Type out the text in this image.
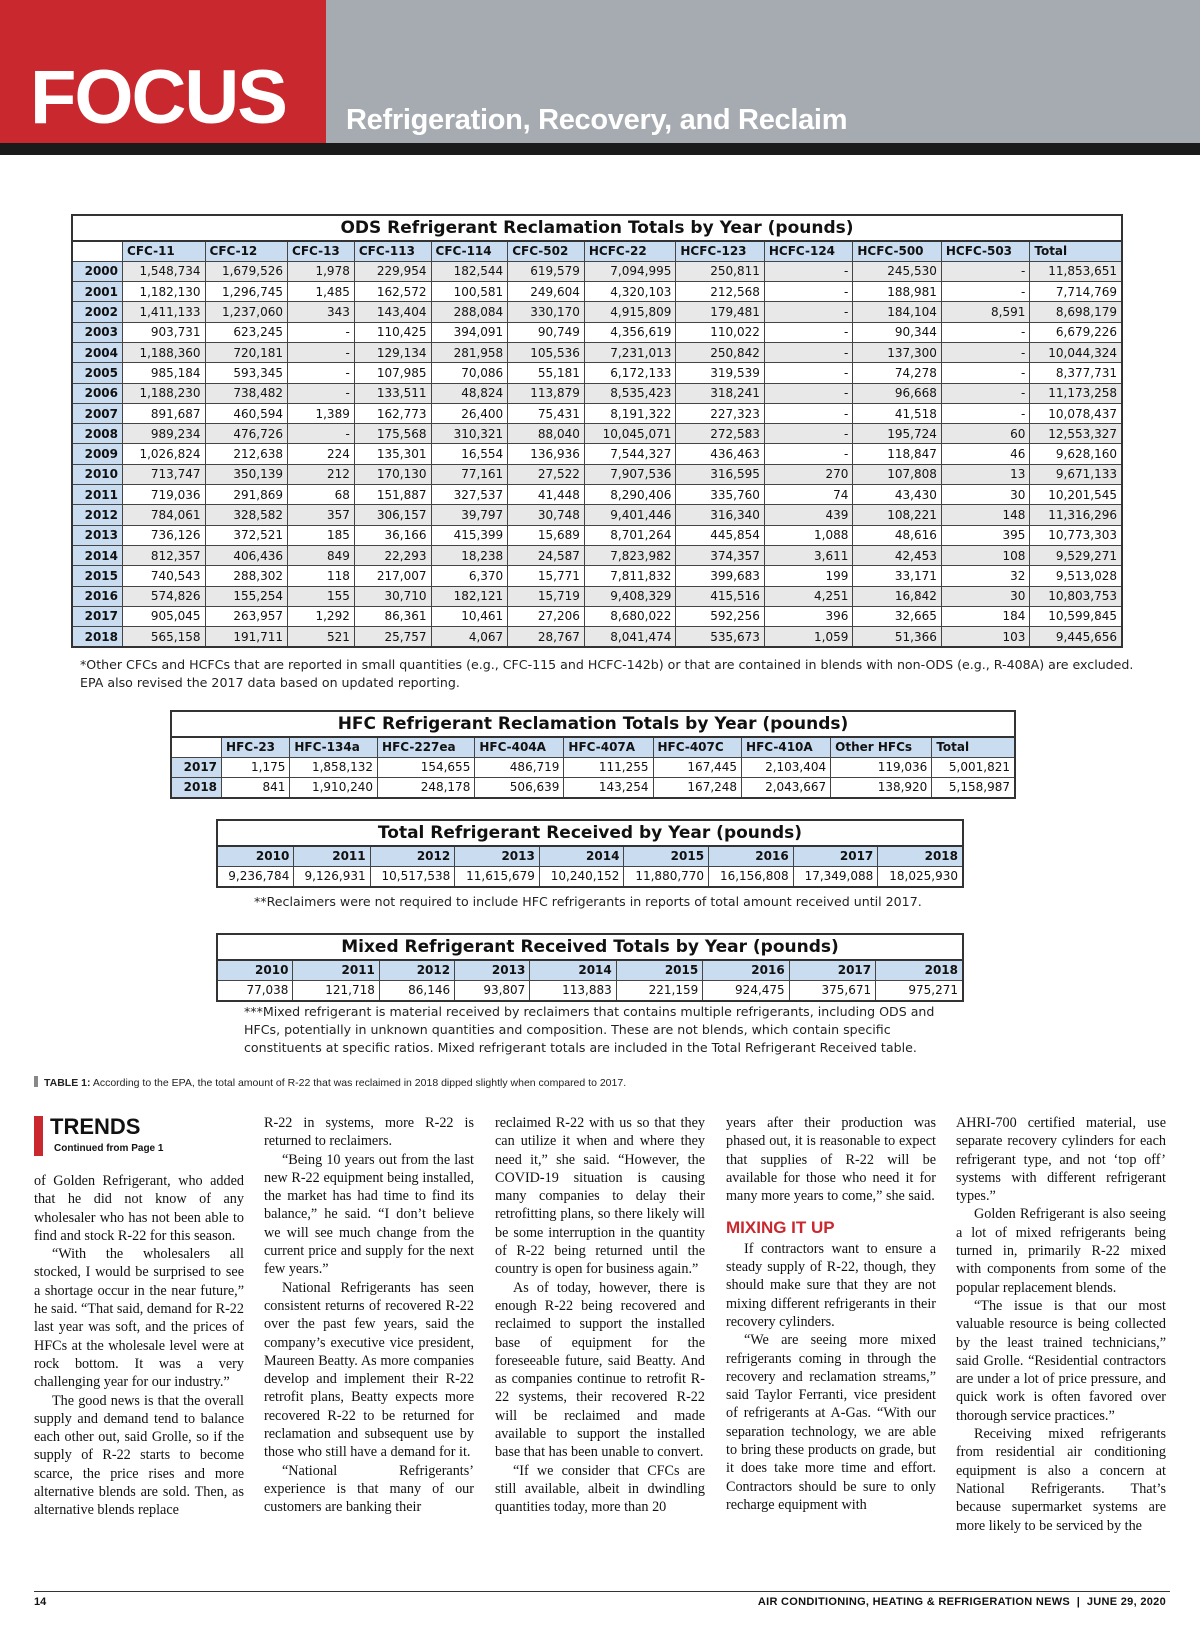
FOCUS Refrigeration, Recovery, and Reclaim
ODS Refrigerant Reclamation Totals by Year (pounds)												
	CFC-11	CFC-12	CFC-13	CFC-113	CFC-114	CFC-502	HCFC-22	HCFC-123	HCFC-124	HCFC-500	HCFC-503	Total
2000	1,548,734	1,679,526	1,978	229,954	182,544	619,579	7,094,995	250,811	-	245,530	-	11,853,651
2001	1,182,130	1,296,745	1,485	162,572	100,581	249,604	4,320,103	212,568	-	188,981	-	7,714,769
2002	1,411,133	1,237,060	343	143,404	288,084	330,170	4,915,809	179,481	-	184,104	8,591	8,698,179
2003	903,731	623,245	-	110,425	394,091	90,749	4,356,619	110,022	-	90,344	-	6,679,226
2004	1,188,360	720,181	-	129,134	281,958	105,536	7,231,013	250,842	-	137,300	-	10,044,324
2005	985,184	593,345	-	107,985	70,086	55,181	6,172,133	319,539	-	74,278	-	8,377,731
2006	1,188,230	738,482	-	133,511	48,824	113,879	8,535,423	318,241	-	96,668	-	11,173,258
2007	891,687	460,594	1,389	162,773	26,400	75,431	8,191,322	227,323	-	41,518	-	10,078,437
2008	989,234	476,726	-	175,568	310,321	88,040	10,045,071	272,583	-	195,724	60	12,553,327
2009	1,026,824	212,638	224	135,301	16,554	136,936	7,544,327	436,463	-	118,847	46	9,628,160
2010	713,747	350,139	212	170,130	77,161	27,522	7,907,536	316,595	270	107,808	13	9,671,133
2011	719,036	291,869	68	151,887	327,537	41,448	8,290,406	335,760	74	43,430	30	10,201,545
2012	784,061	328,582	357	306,157	39,797	30,748	9,401,446	316,340	439	108,221	148	11,316,296
2013	736,126	372,521	185	36,166	415,399	15,689	8,701,264	445,854	1,088	48,616	395	10,773,303
2014	812,357	406,436	849	22,293	18,238	24,587	7,823,982	374,357	3,611	42,453	108	9,529,271
2015	740,543	288,302	118	217,007	6,370	15,771	7,811,832	399,683	199	33,171	32	9,513,028
2016	574,826	155,254	155	30,710	182,121	15,719	9,408,329	415,516	4,251	16,842	30	10,803,753
2017	905,045	263,957	1,292	86,361	10,461	27,206	8,680,022	592,256	396	32,665	184	10,599,845
2018	565,158	191,711	521	25,757	4,067	28,767	8,041,474	535,673	1,059	51,366	103	9,445,656
*Other CFCs and HCFCs that are reported in small quantities (e.g., CFC-115 and HCFC-142b) or that are contained in blends with non-ODS (e.g., R-408A) are excluded. EPA also revised the 2017 data based on updated reporting.
HFC Refrigerant Reclamation Totals by Year (pounds)									
	HFC-23	HFC-134a	HFC-227ea	HFC-404A	HFC-407A	HFC-407C	HFC-410A	Other HFCs	Total
2017	1,175	1,858,132	154,655	486,719	111,255	167,445	2,103,404	119,036	5,001,821
2018	841	1,910,240	248,178	506,639	143,254	167,248	2,043,667	138,920	5,158,987
Total Refrigerant Received by Year (pounds)								
2010	2011	2012	2013	2014	2015	2016	2017	2018
9,236,784	9,126,931	10,517,538	11,615,679	10,240,152	11,880,770	16,156,808	17,349,088	18,025,930
**Reclaimers were not required to include HFC refrigerants in reports of total amount received until 2017.
Mixed Refrigerant Received Totals by Year (pounds)								
2010	2011	2012	2013	2014	2015	2016	2017	2018
77,038	121,718	86,146	93,807	113,883	221,159	924,475	375,671	975,271
***Mixed refrigerant is material received by reclaimers that contains multiple refrigerants, including ODS and HFCs, potentially in unknown quantities and composition. These are not blends, which contain specific constituents at specific ratios. Mixed refrigerant totals are included in the Total Refrigerant Received table.
TABLE 1: According to the EPA, the total amount of R-22 that was reclaimed in 2018 dipped slightly when compared to 2017.
TRENDS
Continued from Page 1

of Golden Refrigerant, who added that he did not know of any wholesaler who has not been able to find and stock R-22 for this season.

“With the wholesalers all stocked, I would be surprised to see a shortage occur in the near future,” he said. “That said, demand for R-22 last year was soft, and the prices of HFCs at the wholesale level were at rock bottom. It was a very challenging year for our industry.”

The good news is that the overall supply and demand tend to balance each other out, said Grolle, so if the supply of R-22 starts to become scarce, the price rises and more alternative blends are sold. Then, as alternative blends replace

R-22 in systems, more R-22 is returned to reclaimers.

“Being 10 years out from the last new R-22 equipment being installed, the market has had time to find its balance,” he said. “I don’t believe we will see much change from the current price and supply for the next few years.”

National Refrigerants has seen consistent returns of recovered R-22 over the past few years, said the company’s executive vice president, Maureen Beatty. As more companies develop and implement their R-22 retrofit plans, Beatty expects more recovered R-22 to be returned for reclamation and subsequent use by those who still have a demand for it.

“National Refrigerants’ experience is that many of our customers are banking their

reclaimed R-22 with us so that they can utilize it when and where they need it,” she said. “However, the COVID-19 situation is causing many companies to delay their retrofitting plans, so there likely will be some interruption in the quantity of R-22 being returned until the country is open for business again.”

As of today, however, there is enough R-22 being recovered and reclaimed to support the installed base of equipment for the foreseeable future, said Beatty. And as companies continue to retrofit R-22 systems, their recovered R-22 will be reclaimed and made available to support the installed base that has been unable to convert.

“If we consider that CFCs are still available, albeit in dwindling quantities today, more than 20

years after their production was phased out, it is reasonable to expect that supplies of R-22 will be available for those who need it for many more years to come,” she said.

MIXING IT UP

If contractors want to ensure a steady supply of R-22, though, they should make sure that they are not mixing different refrigerants in their recovery cylinders.

“We are seeing more mixed refrigerants coming in through the recovery and reclamation streams,” said Taylor Ferranti, vice president of refrigerants at A-Gas. “With our separation technology, we are able to bring these products on grade, but it does take more time and effort. Contractors should be sure to only recharge equipment with

AHRI-700 certified material, use separate recovery cylinders for each refrigerant type, and not ‘top off’ systems with different refrigerant types.”

Golden Refrigerant is also seeing a lot of mixed refrigerants being turned in, primarily R-22 mixed with components from some of the popular replacement blends.

“The issue is that our most valuable resource is being collected by the least trained technicians,” said Grolle. “Residential contractors are under a lot of price pressure, and quick work is often favored over thorough service practices.”

Receiving mixed refrigerants from residential air conditioning equipment is also a concern at National Refrigerants. That’s because supermarket systems are more likely to be serviced by the

14	AIR CONDITIONING, HEATING & REFRIGERATION NEWS  |  JUNE 29, 2020
